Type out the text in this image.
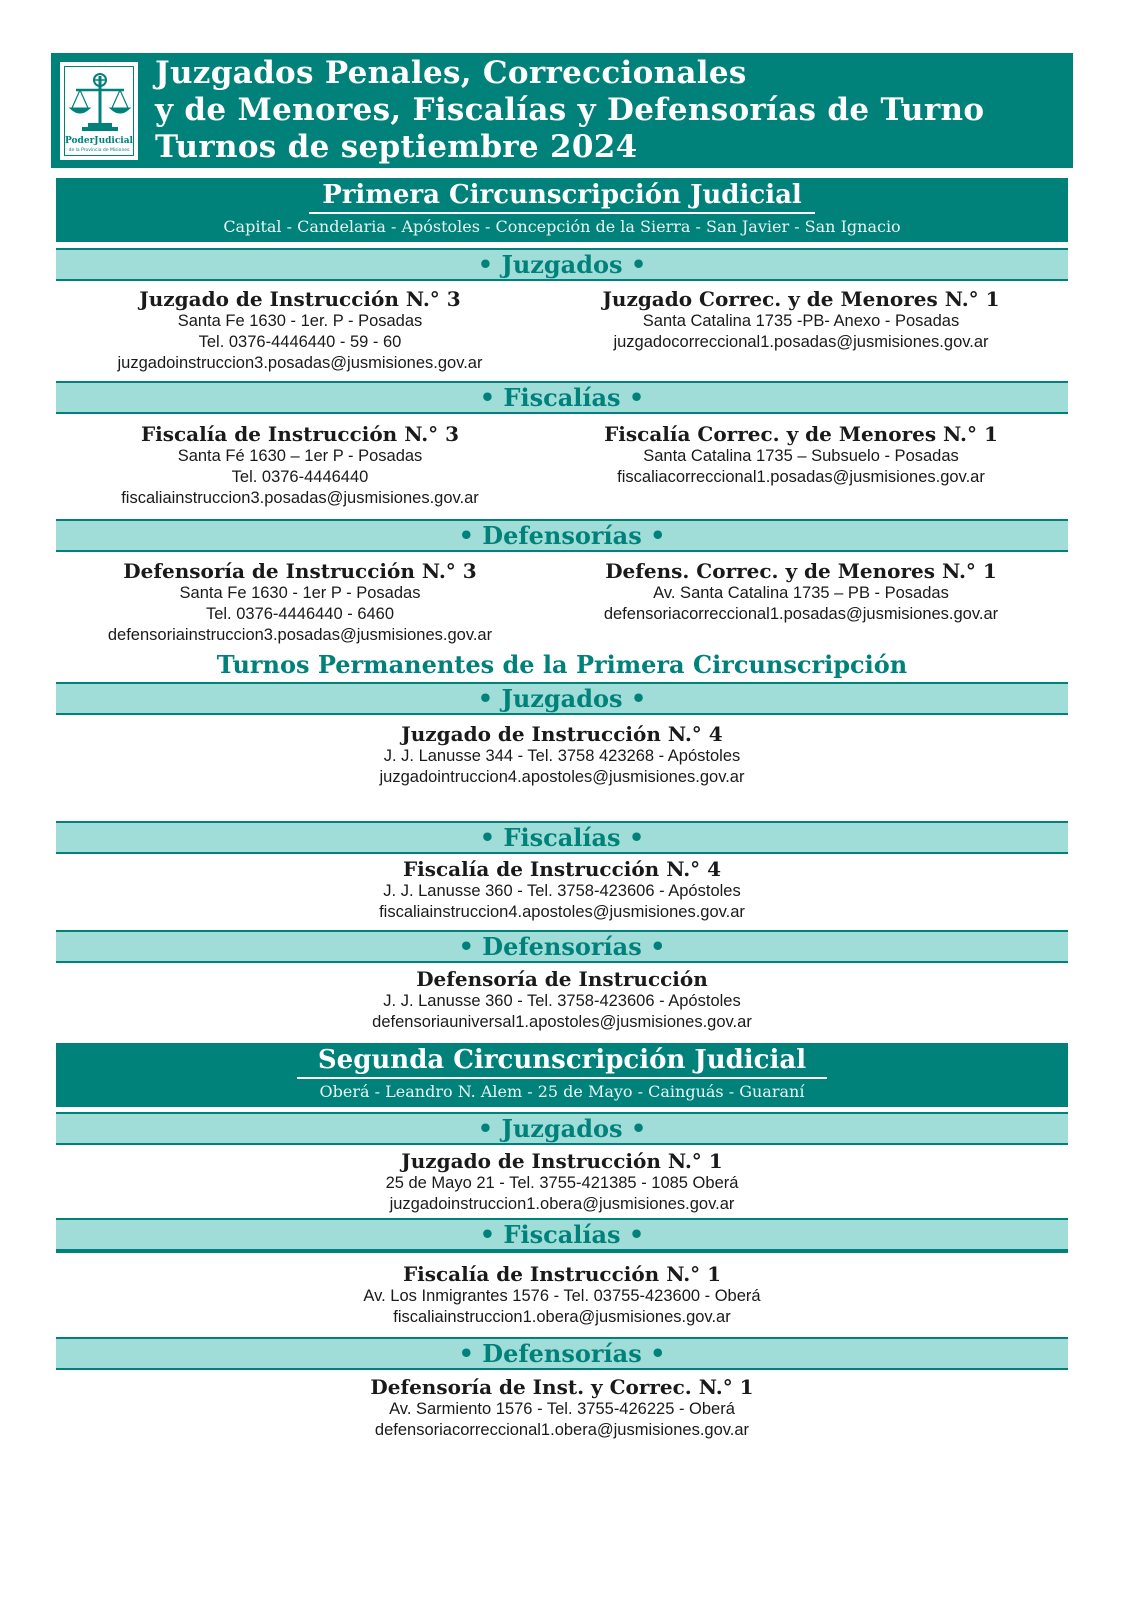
PoderJudicial
de la Provincia de Misiones
Juzgados Penales, Correccionales
y de Menores, Fiscalías y Defensorías de Turno
Turnos de septiembre 2024
Primera Circunscripción Judicial
Capital - Candelaria - Apóstoles - Concepción de la Sierra - San Javier - San Ignacio
• Juzgados •
Juzgado de Instrucción N.° 3
Santa Fe 1630 - 1er. P - Posadas
Tel. 0376-4446440 - 59 - 60
juzgadoinstruccion3.posadas@jusmisiones.gov.ar
Juzgado Correc. y de Menores N.° 1
Santa Catalina 1735 -PB- Anexo - Posadas
juzgadocorreccional1.posadas@jusmisiones.gov.ar
• Fiscalías •
Fiscalía de Instrucción N.° 3
Santa Fé 1630 – 1er P - Posadas
Tel. 0376-4446440
fiscaliainstruccion3.posadas@jusmisiones.gov.ar
Fiscalía Correc. y de Menores N.° 1
Santa Catalina 1735 – Subsuelo - Posadas
fiscaliacorreccional1.posadas@jusmisiones.gov.ar
• Defensorías •
Defensoría de Instrucción N.° 3
Santa Fe 1630 - 1er P - Posadas
Tel. 0376-4446440 - 6460
defensoriainstruccion3.posadas@jusmisiones.gov.ar
Defens. Correc. y de Menores N.° 1
Av. Santa Catalina 1735 – PB - Posadas
defensoriacorreccional1.posadas@jusmisiones.gov.ar
Turnos Permanentes de la Primera Circunscripción
• Juzgados •
Juzgado de Instrucción N.° 4
J. J. Lanusse 344 - Tel. 3758 423268 - Apóstoles
juzgadointruccion4.apostoles@jusmisiones.gov.ar
• Fiscalías •
Fiscalía de Instrucción N.° 4
J. J. Lanusse 360 - Tel. 3758-423606 - Apóstoles
fiscaliainstruccion4.apostoles@jusmisiones.gov.ar
• Defensorías •
Defensoría de Instrucción
J. J. Lanusse 360 - Tel. 3758-423606 - Apóstoles
defensoriauniversal1.apostoles@jusmisiones.gov.ar
Segunda Circunscripción Judicial
Oberá - Leandro N. Alem - 25 de Mayo - Cainguás - Guaraní
• Juzgados •
Juzgado de Instrucción N.° 1
25 de Mayo 21 - Tel. 3755-421385 - 1085 Oberá
juzgadoinstruccion1.obera@jusmisiones.gov.ar
• Fiscalías •
Fiscalía de Instrucción N.° 1
Av. Los Inmigrantes 1576 - Tel. 03755-423600 - Oberá
fiscaliainstruccion1.obera@jusmisiones.gov.ar
• Defensorías •
Defensoría de Inst. y Correc. N.° 1
Av. Sarmiento 1576 - Tel. 3755-426225 - Oberá
defensoriacorreccional1.obera@jusmisiones.gov.ar
